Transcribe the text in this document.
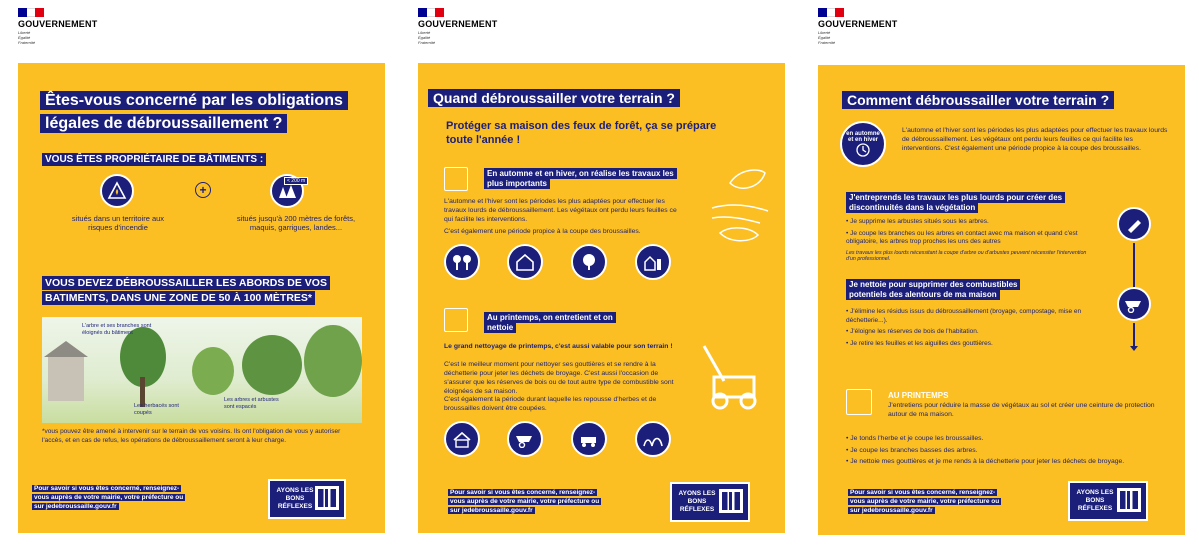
GOUVERNEMENT
Liberté
Égalité
Fraternité
Êtes-vous concerné par les obligations légales de débroussaillement ?
VOUS ÊTES PROPRIÉTAIRE DE BÂTIMENTS :
situés dans un territoire aux risques d'incendie
+
< 200 m
situés jusqu'à 200 mètres de forêts, maquis, garrigues, landes...
VOUS DEVEZ DÉBROUSSAILLER LES ABORDS DE VOS BATIMENTS, DANS UNE ZONE DE 50 À 100 MÈTRES*
L'arbre et ses branches sont éloignés du bâtiment
Les herbacés sont coupés
Les arbres et arbustes sont espacés
*vous pouvez être amené à intervenir sur le terrain de vos voisins. Ils ont l'obligation de vous y autoriser l'accès, et en cas de refus, les opérations de débroussaillement seront à leur charge.
Pour savoir si vous êtes concerné, renseignez-vous auprès de votre mairie, votre préfecture ou sur jedebroussaille.gouv.fr
AYONS LES BONS RÉFLEXES
GOUVERNEMENT
Liberté
Égalité
Fraternité
Quand débroussailler votre terrain ?
Protéger sa maison des feux de forêt, ça se prépare toute l'année !
En automne et en hiver, on réalise les travaux les plus importants
L'automne et l'hiver sont les périodes les plus adaptées pour effectuer les travaux lourds de débroussaillement. Les végétaux ont perdu leurs feuilles ce qui facilite les interventions.
C'est également une période propice à la coupe des broussailles.
Au printemps, on entretient et on nettoie
Le grand nettoyage de printemps, c'est aussi valable pour son terrain !
C'est le meilleur moment pour nettoyer ses gouttières et se rendre à la déchetterie pour jeter les déchets de broyage. C'est aussi l'occasion de s'assurer que les réserves de bois ou de tout autre type de combustible sont éloignées de sa maison.
C'est également la période durant laquelle les repousse d'herbes et de broussailles doivent être coupées.
Pour savoir si vous êtes concerné, renseignez-vous auprès de votre mairie, votre préfecture ou sur jedebroussaille.gouv.fr
AYONS LES BONS RÉFLEXES
GOUVERNEMENT
Liberté
Égalité
Fraternité
Comment débroussailler votre terrain ?
en automne et en hiver
L'automne et l'hiver sont les périodes les plus adaptées pour effectuer les travaux lourds de débroussaillement. Les végétaux ont perdu leurs feuilles ce qui facilite les interventions. C'est également une période propice à la coupe des broussailles.
J'entreprends les travaux les plus lourds pour créer des discontinuités dans la végétation
• Je supprime les arbustes situés sous les arbres.
• Je coupe les branches ou les arbres en contact avec ma maison et quand c'est obligatoire, les arbres trop proches les uns des autres
Les travaux les plus lourds nécessitant la coupe d'arbre ou d'arbustes peuvent nécessiter l'intervention d'un professionnel.
Je nettoie pour supprimer des combustibles potentiels des alentours de ma maison
• J'élimine les résidus issus du débroussaillement (broyage, compostage, mise en déchetterie...).
• J'éloigne les réserves de bois de l'habitation.
• Je retire les feuilles et les aiguilles des gouttières.
AU PRINTEMPS
J'entretiens pour réduire la masse de végétaux au sol et créer une ceinture de protection autour de ma maison.
• Je tonds l'herbe et je coupe les broussailles.
• Je coupe les branches basses des arbres.
• Je nettoie mes gouttières et je me rends à la déchetterie pour jeter les déchets de broyage.
Pour savoir si vous êtes concerné, renseignez-vous auprès de votre mairie, votre préfecture ou sur jedebroussaille.gouv.fr
AYONS LES BONS RÉFLEXES
